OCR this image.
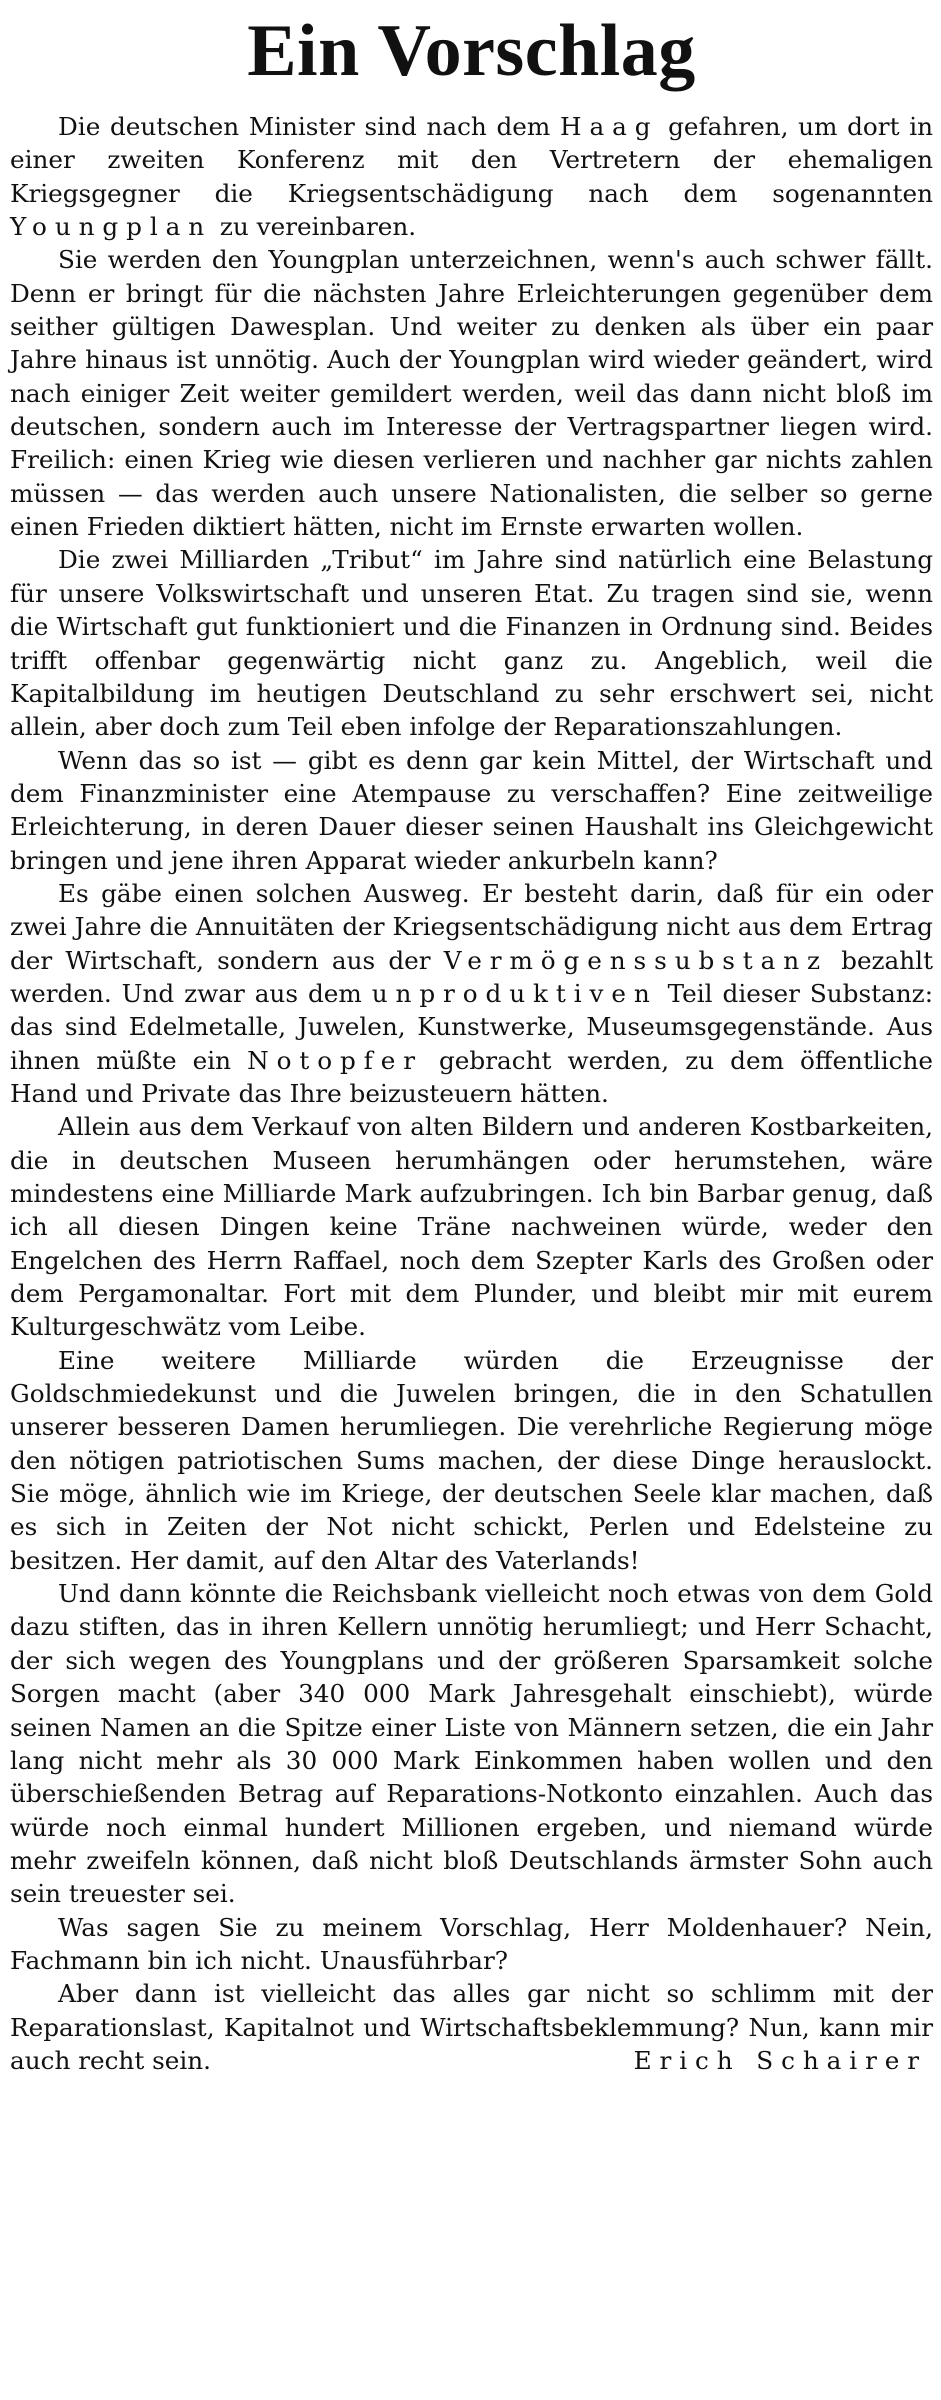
Ein Vorschlag

Die deutschen Minister sind nach dem Haag gefahren, um dort in einer zweiten Konferenz mit den Vertretern der ehemaligen Kriegsgegner die Kriegsentschädigung nach dem sogenannten Youngplan zu vereinbaren.

Sie werden den Youngplan unterzeichnen, wenn's auch schwer fällt. Denn er bringt für die nächsten Jahre Erleichterungen gegenüber dem seither gültigen Dawesplan. Und weiter zu denken als über ein paar Jahre hinaus ist unnötig. Auch der Youngplan wird wieder geändert, wird nach einiger Zeit weiter gemildert werden, weil das dann nicht bloß im deutschen, sondern auch im Interesse der Vertragspartner liegen wird. Freilich: einen Krieg wie diesen verlieren und nachher gar nichts zahlen müssen — das werden auch unsere Nationalisten, die selber so gerne einen Frieden diktiert hätten, nicht im Ernste erwarten wollen.

Die zwei Milliarden „Tribut“ im Jahre sind natürlich eine Belastung für unsere Volkswirtschaft und unseren Etat. Zu tragen sind sie, wenn die Wirtschaft gut funktioniert und die Finanzen in Ordnung sind. Beides trifft offenbar gegenwärtig nicht ganz zu. Angeblich, weil die Kapitalbildung im heutigen Deutschland zu sehr erschwert sei, nicht allein, aber doch zum Teil eben infolge der Reparationszahlungen.

Wenn das so ist — gibt es denn gar kein Mittel, der Wirtschaft und dem Finanzminister eine Atempause zu verschaffen? Eine zeitweilige Erleichterung, in deren Dauer dieser seinen Haushalt ins Gleichgewicht bringen und jene ihren Apparat wieder ankurbeln kann?

Es gäbe einen solchen Ausweg. Er besteht darin, daß für ein oder zwei Jahre die Annuitäten der Kriegsentschädigung nicht aus dem Ertrag der Wirtschaft, sondern aus der Vermögenssubstanz bezahlt werden. Und zwar aus dem unproduktiven Teil dieser Substanz: das sind Edelmetalle, Juwelen, Kunstwerke, Museumsgegenstände. Aus ihnen müßte ein Notopfer gebracht werden, zu dem öffentliche Hand und Private das Ihre beizusteuern hätten.

Allein aus dem Verkauf von alten Bildern und anderen Kostbarkeiten, die in deutschen Museen herumhängen oder herumstehen, wäre mindestens eine Milliarde Mark aufzubringen. Ich bin Barbar genug, daß ich all diesen Dingen keine Träne nachweinen würde, weder den Engelchen des Herrn Raffael, noch dem Szepter Karls des Großen oder dem Pergamonaltar. Fort mit dem Plunder, und bleibt mir mit eurem Kulturgeschwätz vom Leibe.

Eine weitere Milliarde würden die Erzeugnisse der Goldschmiedekunst und die Juwelen bringen, die in den Schatullen unserer besseren Damen herumliegen. Die verehrliche Regierung möge den nötigen patriotischen Sums machen, der diese Dinge herauslockt. Sie möge, ähnlich wie im Kriege, der deutschen Seele klar machen, daß es sich in Zeiten der Not nicht schickt, Perlen und Edelsteine zu besitzen. Her damit, auf den Altar des Vaterlands!

Und dann könnte die Reichsbank vielleicht noch etwas von dem Gold dazu stiften, das in ihren Kellern unnötig herumliegt; und Herr Schacht, der sich wegen des Youngplans und der größeren Sparsamkeit solche Sorgen macht (aber 340 000 Mark Jahresgehalt einschiebt), würde seinen Namen an die Spitze einer Liste von Männern setzen, die ein Jahr lang nicht mehr als 30 000 Mark Einkommen haben wollen und den überschießenden Betrag auf Reparations-Notkonto einzahlen. Auch das würde noch einmal hundert Millionen ergeben, und niemand würde mehr zweifeln können, daß nicht bloß Deutschlands ärmster Sohn auch sein treuester sei.

Was sagen Sie zu meinem Vorschlag, Herr Moldenhauer? Nein, Fachmann bin ich nicht. Unausführbar?

Aber dann ist vielleicht das alles gar nicht so schlimm mit der Reparationslast, Kapitalnot und Wirtschaftsbeklemmung? Nun, kann mir auch recht sein.	Erich Schairer
